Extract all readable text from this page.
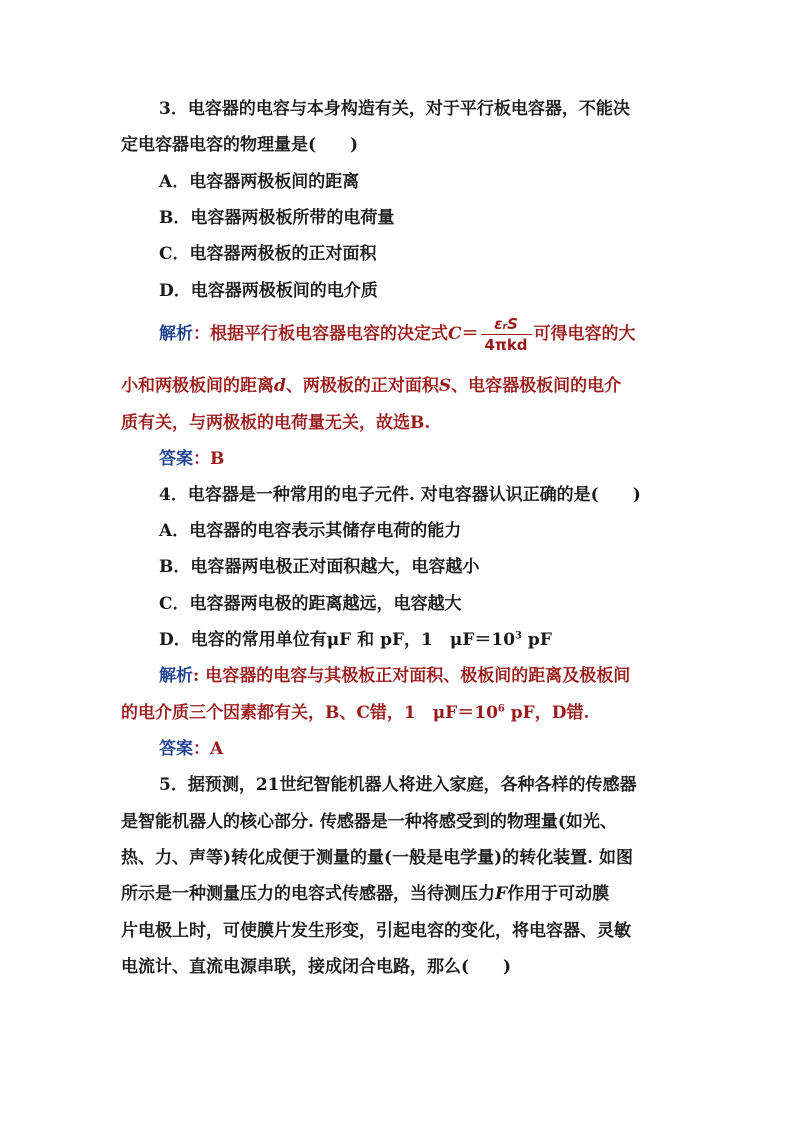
3．电容器的电容与本身构造有关，对于平行板电容器，不能决
定电容器电容的物理量是(　　)
A．电容器两极板间的距离
B．电容器两极板所带的电荷量
C．电容器两极板的正对面积
D．电容器两极板间的电介质
解析：根据平行板电容器电容的决定式$C= \frac{\text{εᵣS}}{\text{4πkd}}$ 可得电容的大
小和两极板间的距离d、两极板的正对面积S、电容器极板间的电介
质有关，与两极板的电荷量无关，故选B.
答案：B
4．电容器是一种常用的电子元件. 对电容器认识正确的是(　　)
A．电容器的电容表示其储存电荷的能力
B．电容器两电极正对面积越大，电容越小
C．电容器两电极的距离越远，电容越大
D．电容的常用单位有μF 和 pF，1　$\mu F=10^3$ pF
解析: 电容器的电容与其极板正对面积、极板间的距离及极板间
的电介质三个因素都有关，B、C错，1　$\mu F=10^6$ pF，D错.
答案：A
5．据预测，21世纪智能机器人将进入家庭，各种各样的传感器
是智能机器人的核心部分. 传感器是一种将感受到的物理量(如光、
热、力、声等)转化成便于测量的量(一般是电学量)的转化装置. 如图
所示是一种测量压力的电容式传感器，当待测压力F作用于可动膜
片电极上时，可使膜片发生形变，引起电容的变化，将电容器、灵敏
电流计、直流电源串联，接成闭合电路，那么(　　)
